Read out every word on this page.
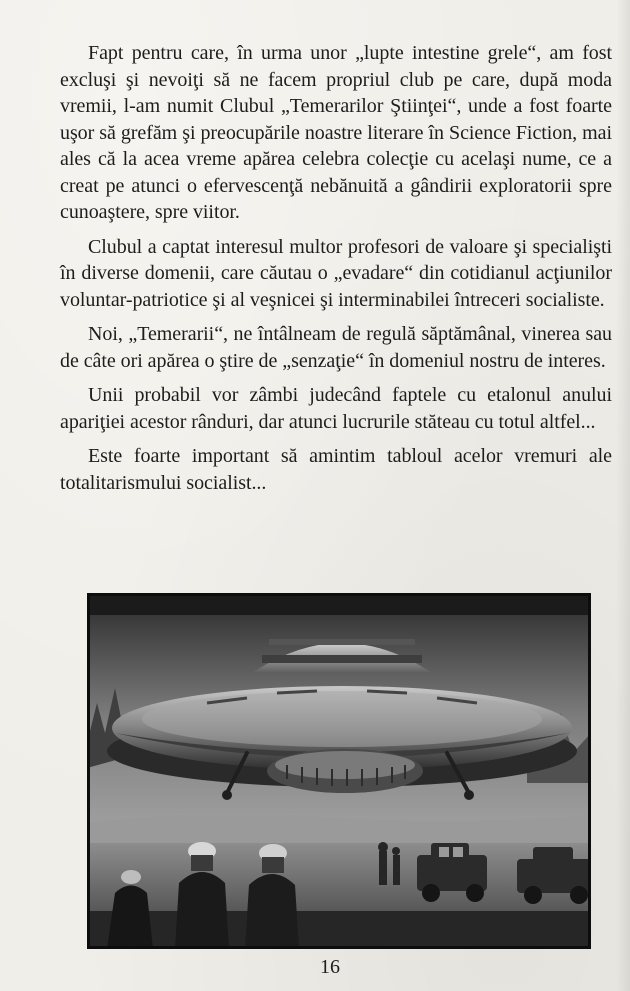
Fapt pentru care, în urma unor „lupte intestine grele“, am fost excluşi şi nevoiţi să ne facem propriul club pe care, după moda vremii, l-am numit Clubul „Temerarilor Ştiinţei“, unde a fost foarte uşor să grefăm şi preocupările noastre literare în Science Fiction, mai ales că la acea vreme apărea celebra colecţie cu acelaşi nume, ce a creat pe atunci o efervescenţă nebănuită a gândirii exploratorii spre cunoaştere, spre viitor.

Clubul a captat interesul multor profesori de valoare şi specialişti în diverse domenii, care căutau o „evadare“ din cotidianul acţiunilor voluntar-patriotice şi al veşnicei şi interminabilei întreceri socialiste.

Noi, „Temerarii“, ne întâlneam de regulă săptămânal, vinerea sau de câte ori apărea o ştire de „senzaţie“ în domeniul nostru de interes.

Unii probabil vor zâmbi judecând faptele cu etalonul anului apariţiei acestor rânduri, dar atunci lucrurile stăteau cu totul altfel...

Este foarte important să amintim tabloul acelor vremuri ale totalitarismului socialist...

16
